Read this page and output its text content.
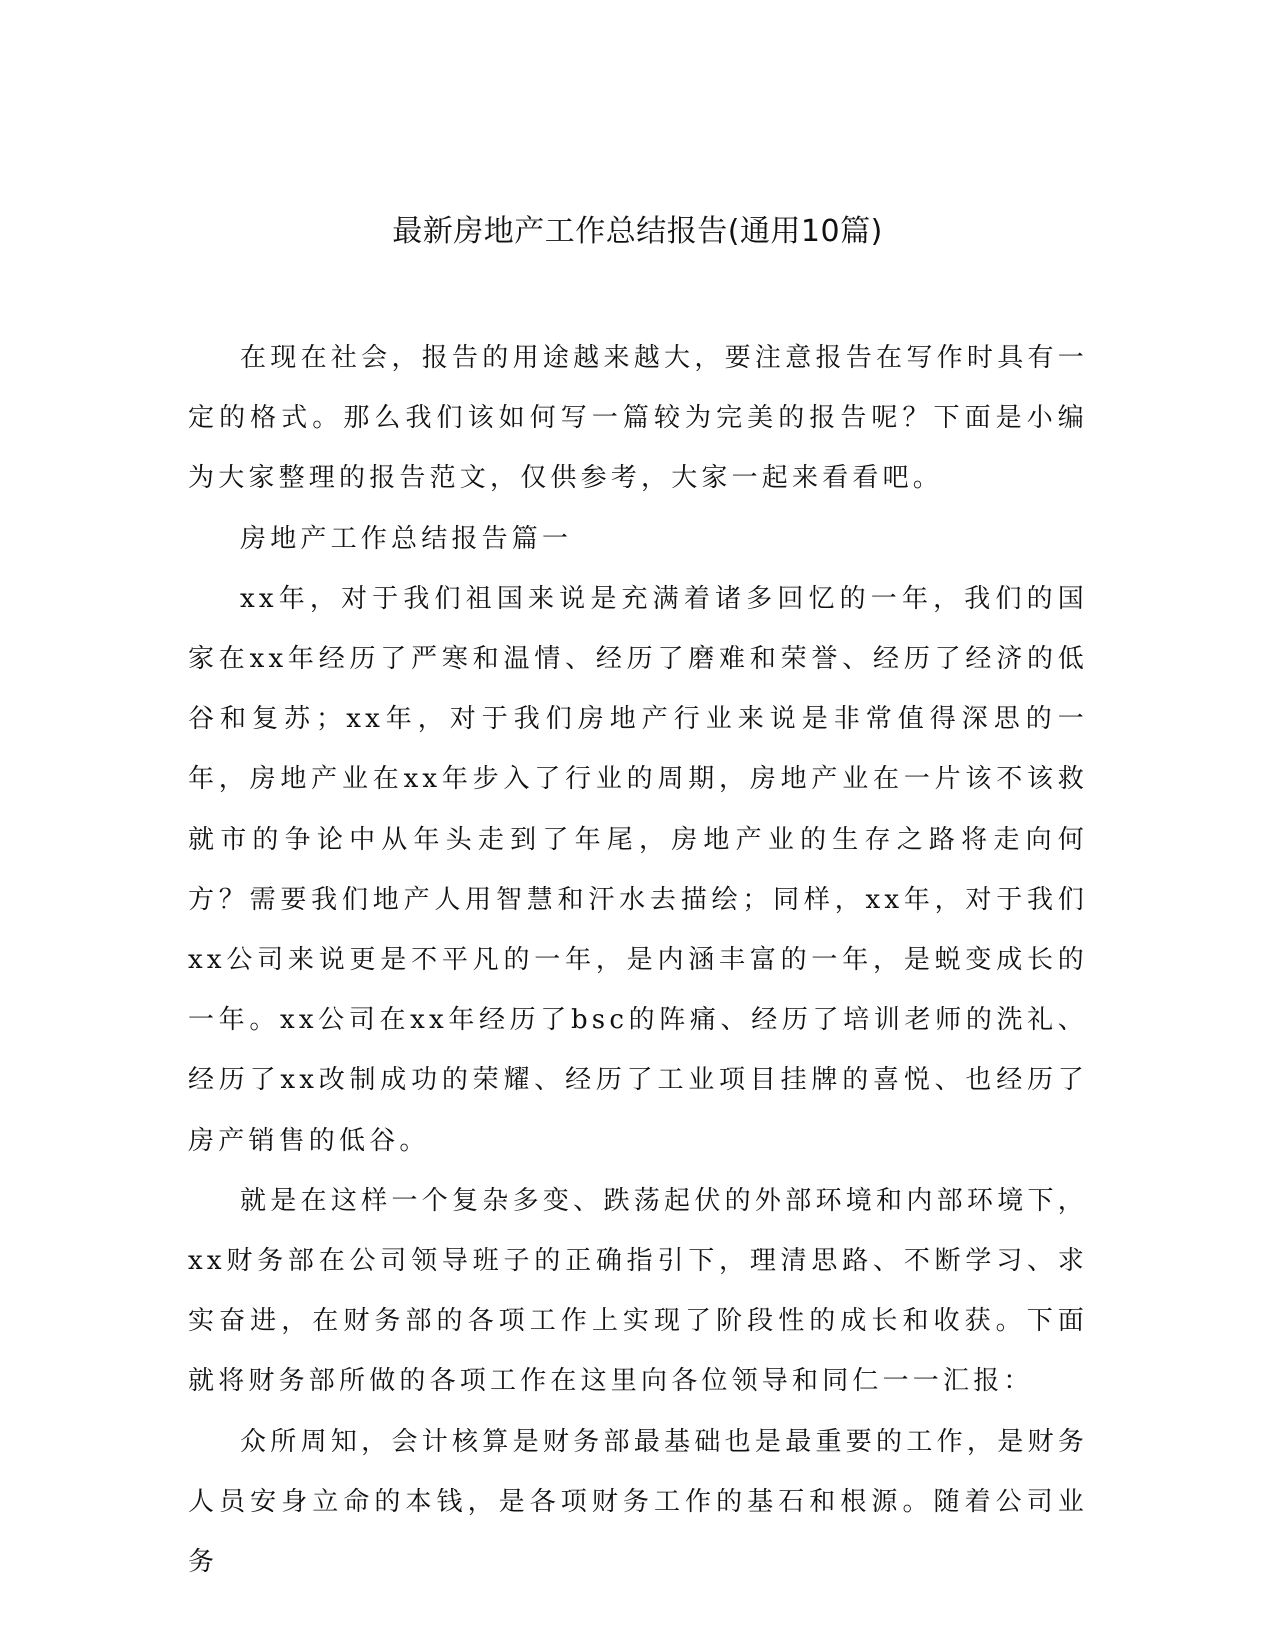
最新房地产工作总结报告(通用10篇)

在现在社会，报告的用途越来越大，要注意报告在写作时具有一定的格式。那么我们该如何写一篇较为完美的报告呢？下面是小编为大家整理的报告范文，仅供参考，大家一起来看看吧。

房地产工作总结报告篇一

xx年，对于我们祖国来说是充满着诸多回忆的一年，我们的国家在xx年经历了严寒和温情、经历了磨难和荣誉、经历了经济的低谷和复苏；xx年，对于我们房地产行业来说是非常值得深思的一年，房地产业在xx年步入了行业的周期，房地产业在一片该不该救就市的争论中从年头走到了年尾，房地产业的生存之路将走向何方？需要我们地产人用智慧和汗水去描绘；同样，xx年，对于我们xx公司来说更是不平凡的一年，是内涵丰富的一年，是蜕变成长的一年。xx公司在xx年经历了bsc的阵痛、经历了培训老师的洗礼、经历了xx改制成功的荣耀、经历了工业项目挂牌的喜悦、也经历了房产销售的低谷。

就是在这样一个复杂多变、跌荡起伏的外部环境和内部环境下，xx财务部在公司领导班子的正确指引下，理清思路、不断学习、求实奋进，在财务部的各项工作上实现了阶段性的成长和收获。下面就将财务部所做的各项工作在这里向各位领导和同仁一一汇报：

众所周知，会计核算是财务部最基础也是最重要的工作，是财务人员安身立命的本钱，是各项财务工作的基石和根源。随着公司业务
